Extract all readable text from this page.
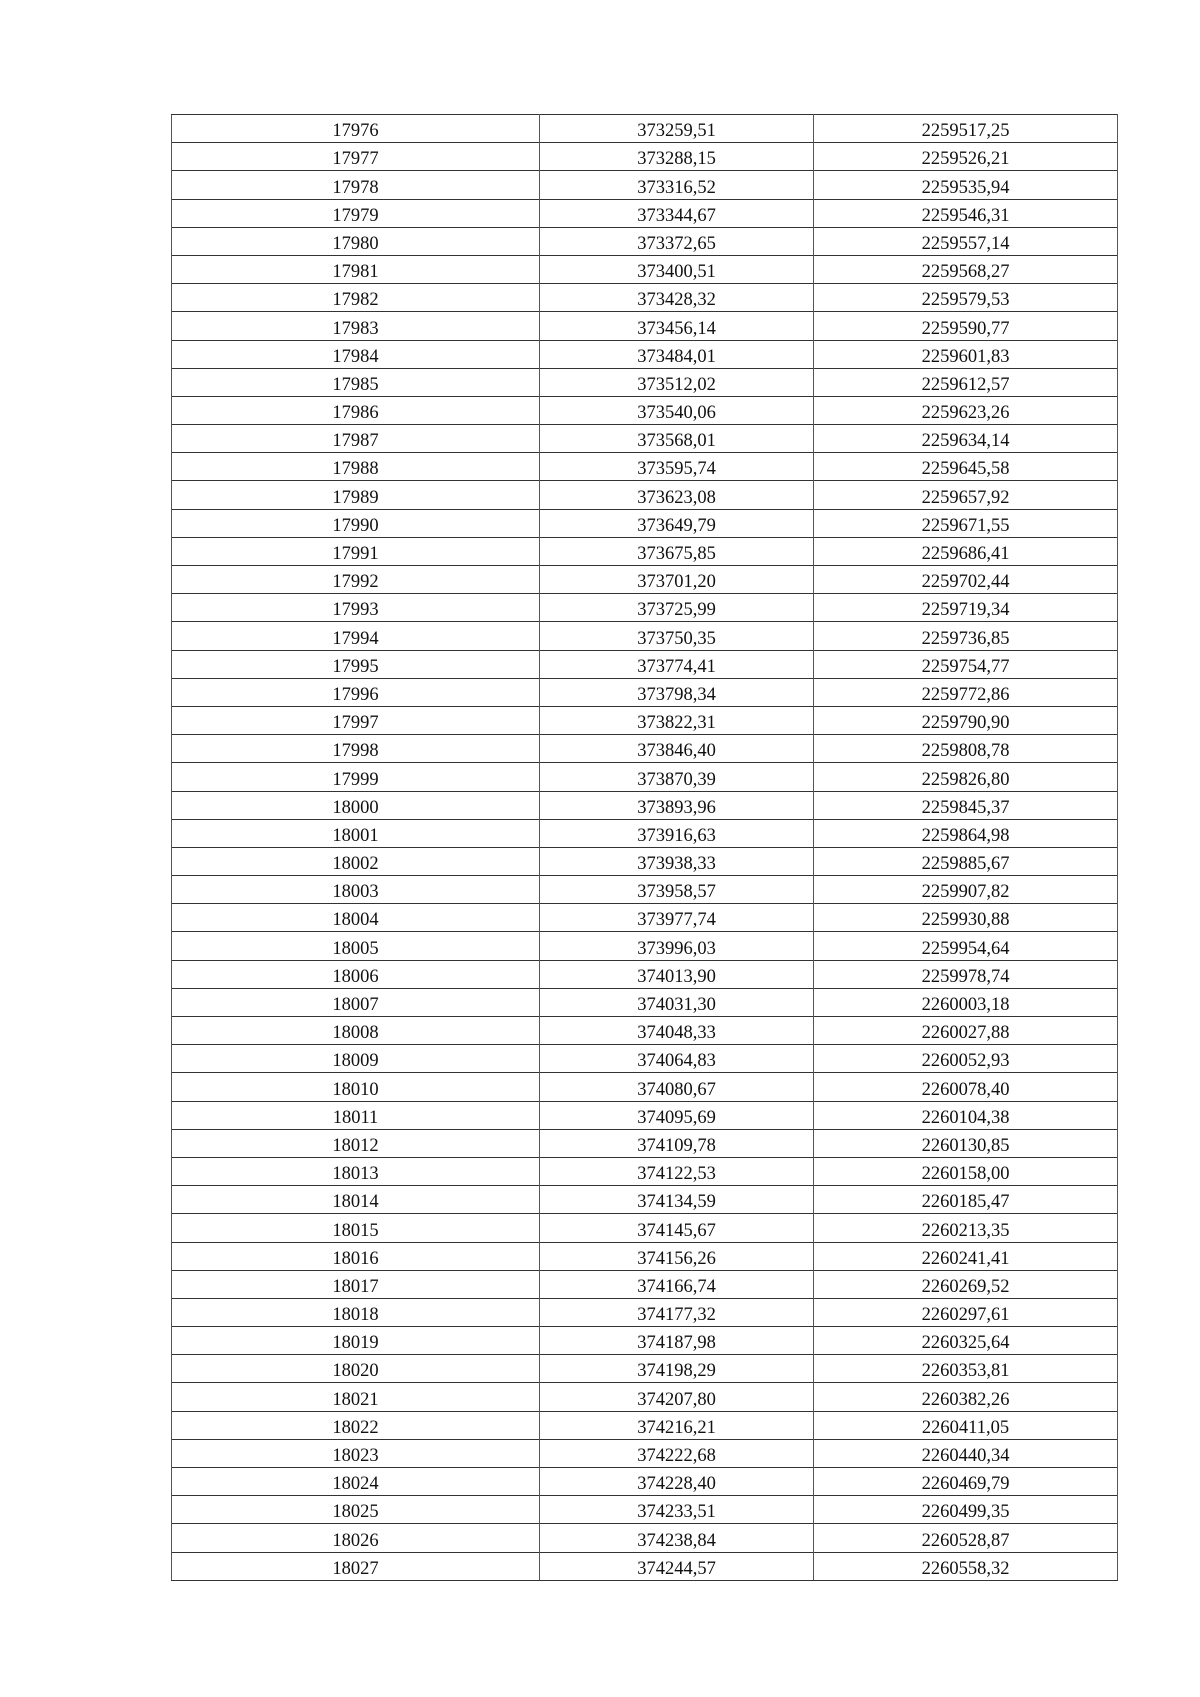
17976	373259,51	2259517,25
17977	373288,15	2259526,21
17978	373316,52	2259535,94
17979	373344,67	2259546,31
17980	373372,65	2259557,14
17981	373400,51	2259568,27
17982	373428,32	2259579,53
17983	373456,14	2259590,77
17984	373484,01	2259601,83
17985	373512,02	2259612,57
17986	373540,06	2259623,26
17987	373568,01	2259634,14
17988	373595,74	2259645,58
17989	373623,08	2259657,92
17990	373649,79	2259671,55
17991	373675,85	2259686,41
17992	373701,20	2259702,44
17993	373725,99	2259719,34
17994	373750,35	2259736,85
17995	373774,41	2259754,77
17996	373798,34	2259772,86
17997	373822,31	2259790,90
17998	373846,40	2259808,78
17999	373870,39	2259826,80
18000	373893,96	2259845,37
18001	373916,63	2259864,98
18002	373938,33	2259885,67
18003	373958,57	2259907,82
18004	373977,74	2259930,88
18005	373996,03	2259954,64
18006	374013,90	2259978,74
18007	374031,30	2260003,18
18008	374048,33	2260027,88
18009	374064,83	2260052,93
18010	374080,67	2260078,40
18011	374095,69	2260104,38
18012	374109,78	2260130,85
18013	374122,53	2260158,00
18014	374134,59	2260185,47
18015	374145,67	2260213,35
18016	374156,26	2260241,41
18017	374166,74	2260269,52
18018	374177,32	2260297,61
18019	374187,98	2260325,64
18020	374198,29	2260353,81
18021	374207,80	2260382,26
18022	374216,21	2260411,05
18023	374222,68	2260440,34
18024	374228,40	2260469,79
18025	374233,51	2260499,35
18026	374238,84	2260528,87
18027	374244,57	2260558,32
